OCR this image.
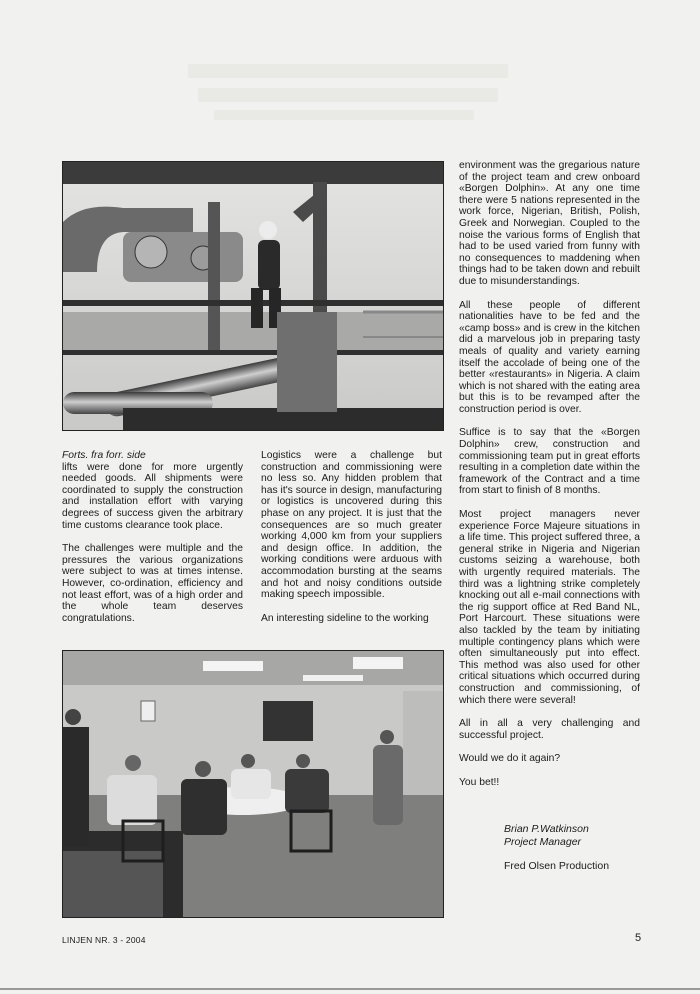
Forts. fra forr. side

lifts were done for more urgently needed goods. All shipments were coordinated to supply the construction and installation effort with varying degrees of success given the arbitrary time customs clearance took place.

The challenges were multiple and the pressures the various organizations were subject to was at times intense. However, co-ordination, efficiency and not least effort, was of a high order and the whole team deserves congratulations.

Logistics were a challenge but construction and commissioning were no less so. Any hidden problem that has it's source in design, manufacturing or logistics is uncovered during this phase on any project. It is just that the consequences are so much greater working 4,000 km from your suppliers and design office. In addition, the working conditions were arduous with accommodation bursting at the seams and hot and noisy conditions outside making speech impossible.

An interesting sideline to the working

environment was the gregarious nature of the project team and crew onboard «Borgen Dolphin». At any one time there were 5 nations represented in the work force, Nigerian, British, Polish, Greek and Norwegian. Coupled to the noise the various forms of English that had to be used varied from funny with no consequences to maddening when things had to be taken down and rebuilt due to misunderstandings.

All these people of different nationalities have to be fed and the «camp boss» and is crew in the kitchen did a marvelous job in preparing tasty meals of quality and variety earning itself the accolade of being one of the better «restaurants» in Nigeria. A claim which is not shared with the eating area but this is to be revamped after the construction period is over.

Suffice is to say that the «Borgen Dolphin» crew, construction and commissioning team put in great efforts resulting in a completion date within the framework of the Contract and a time from start to finish of 8 months.

Most project managers never experience Force Majeure situations in a life time. This project suffered three, a general strike in Nigeria and Nigerian customs seizing a warehouse, both with urgently required materials. The third was a lightning strike completely knocking out all e-mail connections with the rig support office at Red Band NL, Port Harcourt. These situations were also tackled by the team by initiating multiple contingency plans which were often simultaneously put into effect. This method was also used for other critical situations which occurred during construction and commissioning, of which there were several!

All in all a very challenging and successful project.

Would we do it again?

You bet!!

Brian P.Watkinson
Project Manager
Fred Olsen Production
LINJEN NR. 3 - 2004	5
